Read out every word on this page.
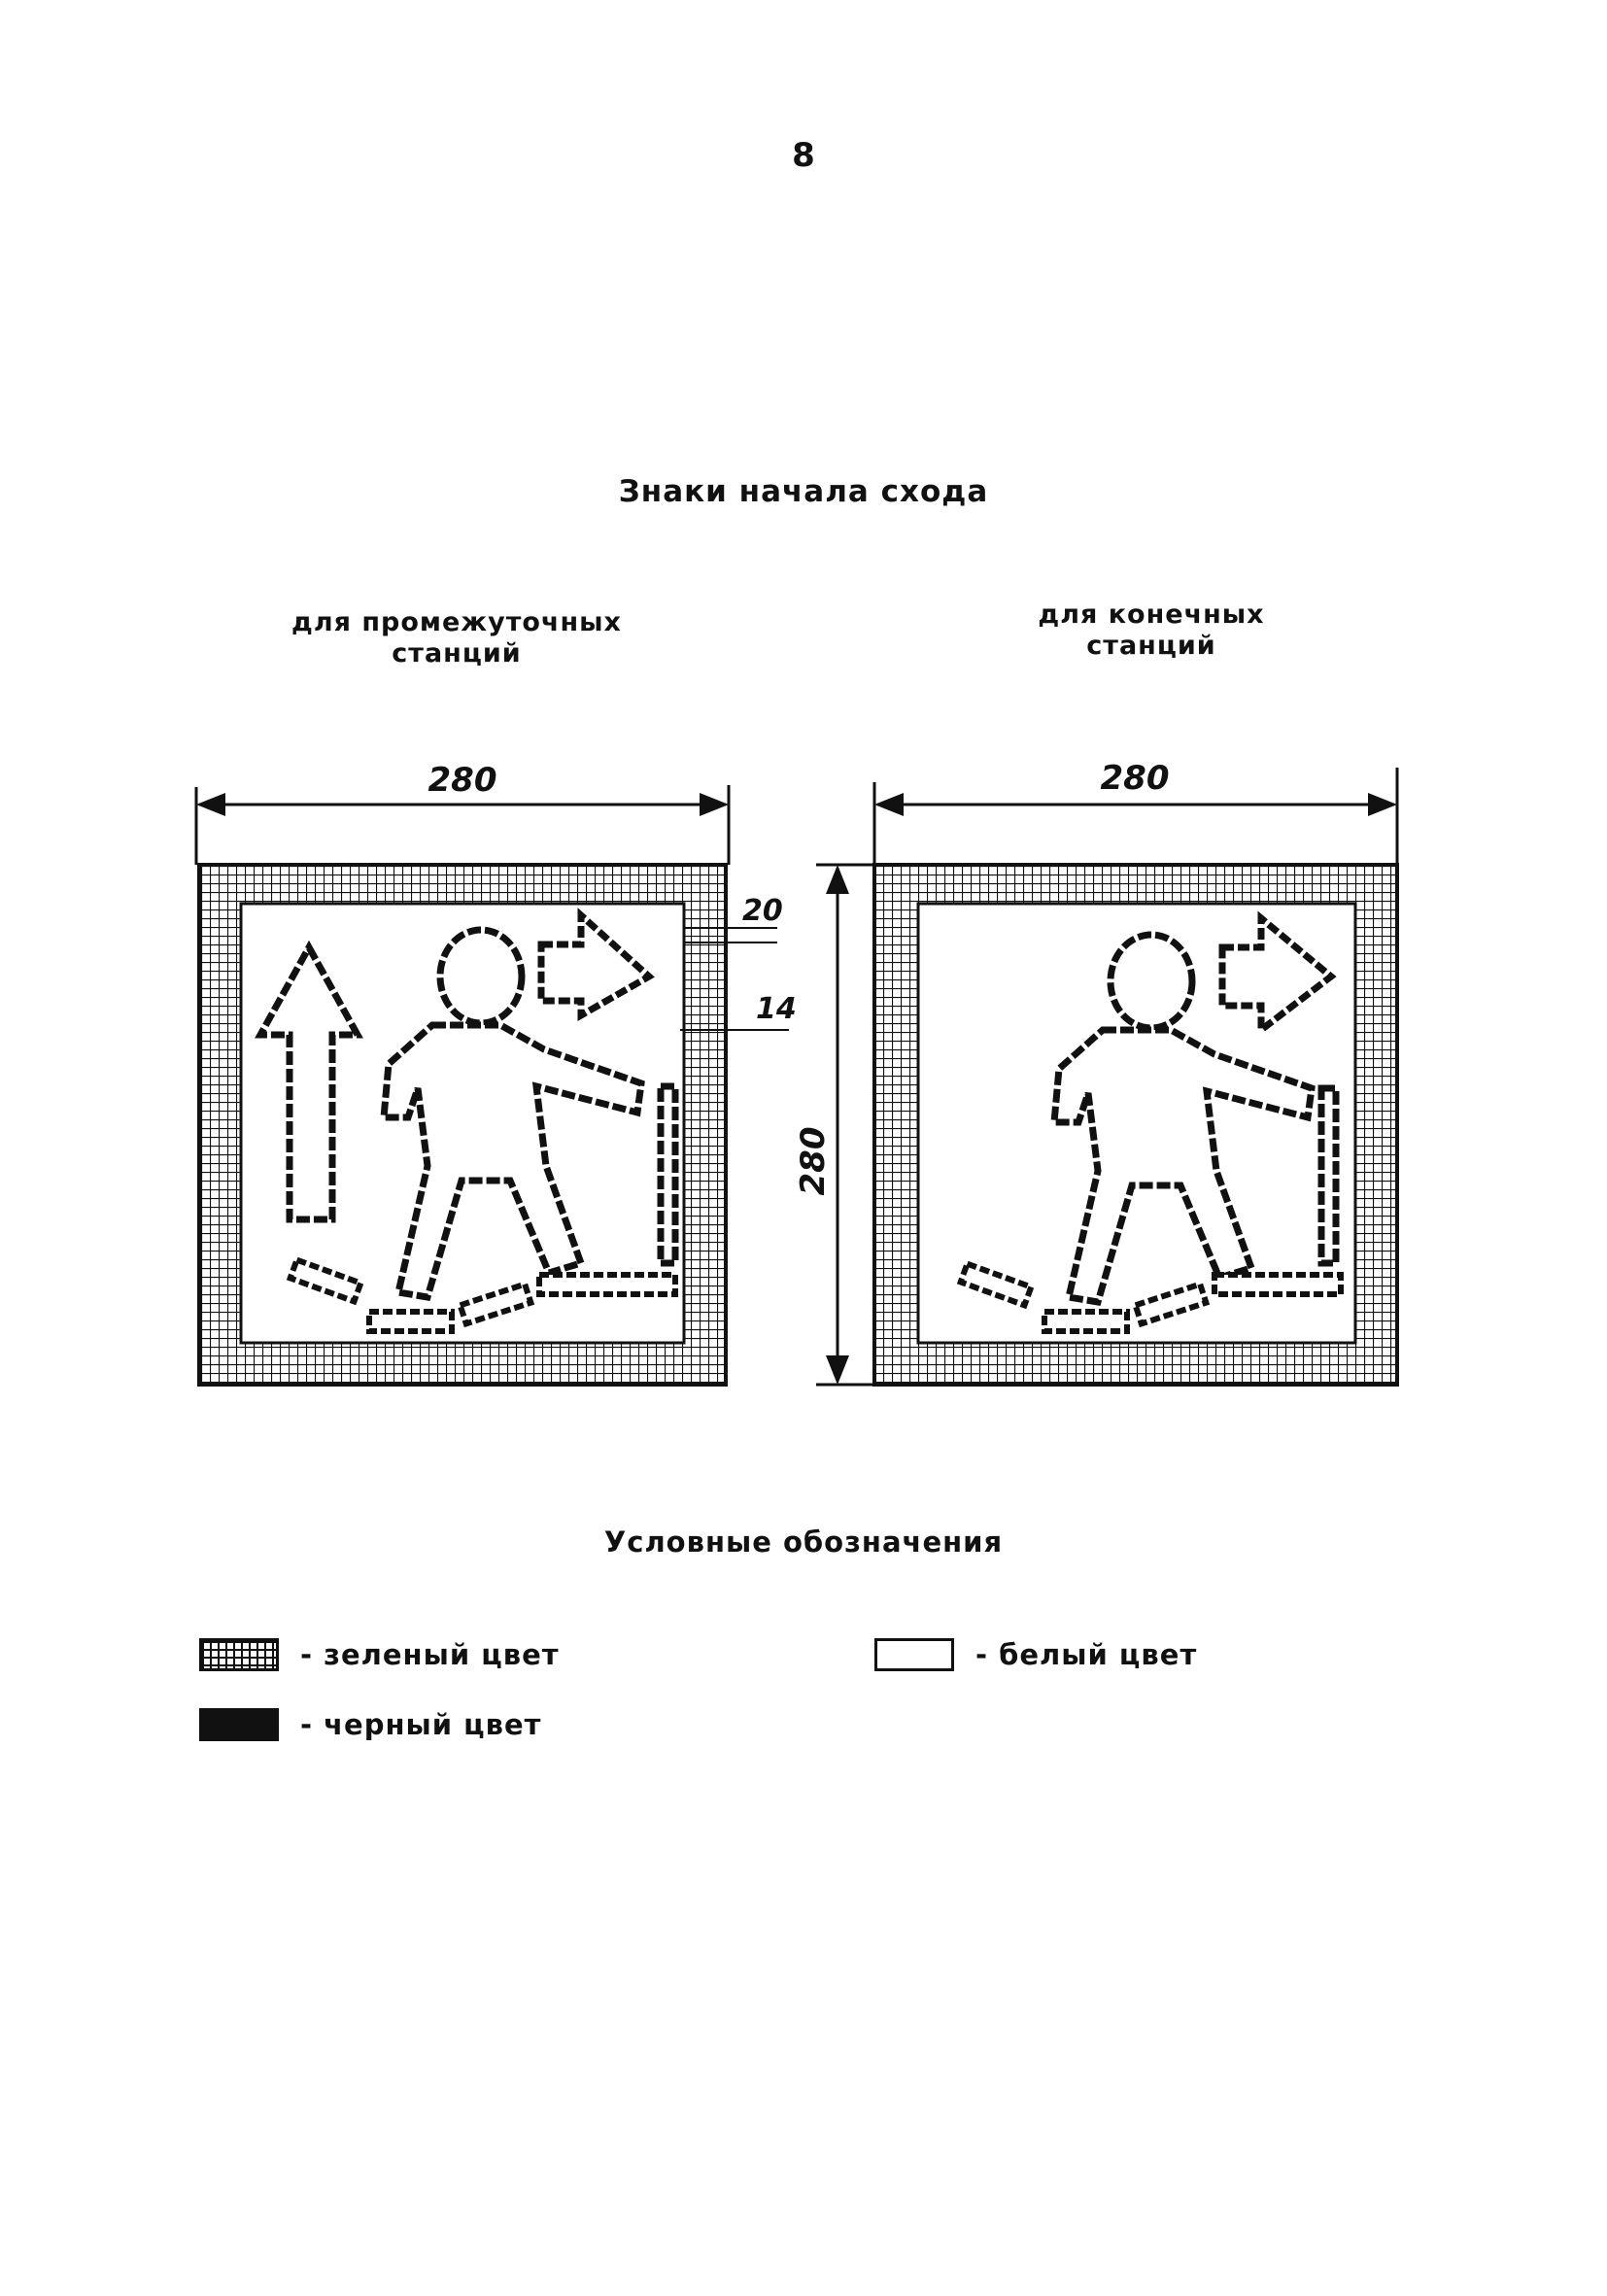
8
Знаки начала схода
для промежуточных станций
для конечных станций
280
20
14
280
280
Условные обозначения
- зеленый цвет
- черный цвет
- белый цвет
